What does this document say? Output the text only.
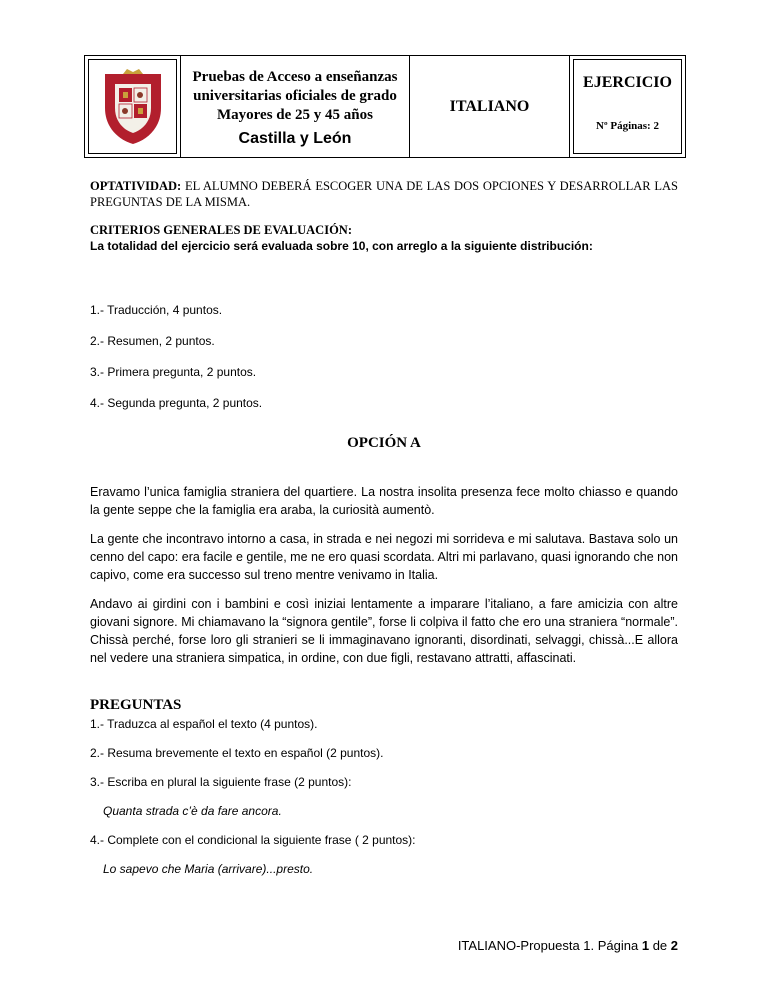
Pruebas de Acceso a enseñanzas
universitarias oficiales de grado
Mayores de 25 y 45 años
Castilla y León
ITALIANO
EJERCICIO
Nº Páginas: 2
OPTATIVIDAD: EL ALUMNO DEBERÁ ESCOGER UNA DE LAS DOS OPCIONES Y DESARROLLAR LAS PREGUNTAS DE LA MISMA.
CRITERIOS GENERALES DE EVALUACIÓN:
La totalidad del ejercicio será evaluada sobre 10, con arreglo a la siguiente distribución:
1.- Traducción, 4 puntos.
2.- Resumen, 2 puntos.
3.- Primera pregunta, 2 puntos.
4.- Segunda pregunta, 2 puntos.
OPCIÓN A

Eravamo l’unica famiglia straniera del quartiere. La nostra insolita presenza fece molto chiasso e quando la gente seppe che la famiglia era araba, la curiosità aumentò.

La gente che incontravo intorno a casa, in strada e nei negozi mi sorrideva e mi salutava. Bastava solo un cenno del capo: era facile e gentile, me ne ero quasi scordata. Altri mi parlavano, quasi ignorando che non capivo, come era successo sul treno mentre venivamo in Italia.

Andavo ai girdini con i bambini e così iniziai lentamente a imparare l’italiano, a fare amicizia con altre giovani signore. Mi chiamavano la “signora gentile”, forse li colpiva il fatto che ero una straniera “normale”. Chissà perché, forse loro gli stranieri se li immaginavano ignoranti, disordinati, selvaggi, chissà...E allora nel vedere una straniera simpatica, in ordine, con due figli, restavano attratti, affascinati.

PREGUNTAS
1.- Traduzca al español el texto (4 puntos).
2.- Resuma brevemente el texto en español (2 puntos).
3.- Escriba en plural la siguiente frase (2 puntos):
Quanta strada c’è da fare ancora.
4.- Complete con el condicional la siguiente frase ( 2 puntos):
Lo sapevo che Maria (arrivare)...presto.
ITALIANO-Propuesta 1. Página 1 de 2
